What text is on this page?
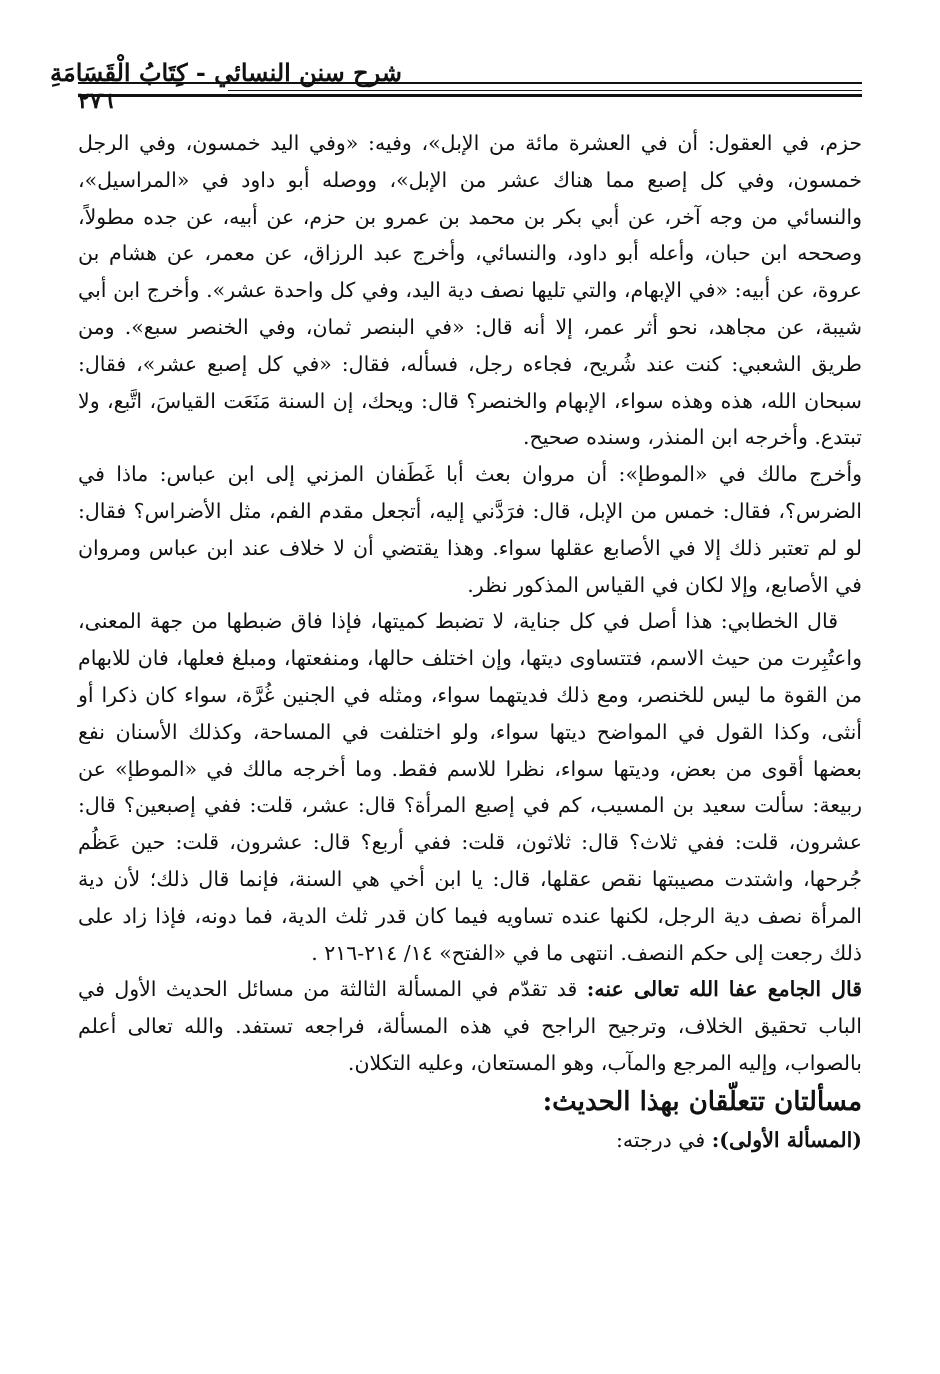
شرح سنن النسائي - كِتَابُ الْقَسَامَةِ
٢٧٦

حزم، في العقول: أن في العشرة مائة من الإبل»، وفيه: «وفي اليد خمسون، وفي الرجل خمسون، وفي كل إصبع مما هناك عشر من الإبل»، ووصله أبو داود في «المراسيل»، والنسائي من وجه آخر، عن أبي بكر بن محمد بن عمرو بن حزم، عن أبيه، عن جده مطولاً، وصححه ابن حبان، وأعله أبو داود، والنسائي، وأخرج عبد الرزاق، عن معمر، عن هشام بن عروة، عن أبيه: «في الإبهام، والتي تليها نصف دية اليد، وفي كل واحدة عشر». وأخرج ابن أبي شيبة، عن مجاهد، نحو أثر عمر، إلا أنه قال: «في البنصر ثمان، وفي الخنصر سبع». ومن طريق الشعبي: كنت عند شُريح، فجاءه رجل، فسأله، فقال: «في كل إصبع عشر»، فقال: سبحان الله، هذه وهذه سواء، الإبهام والخنصر؟ قال: ويحك، إن السنة مَنَعَت القياسَ، اتَّبع، ولا تبتدع. وأخرجه ابن المنذر، وسنده صحيح.

وأخرج مالك في «الموطإ»: أن مروان بعث أبا غَطَفان المزني إلى ابن عباس: ماذا في الضرس؟، فقال: خمس من الإبل، قال: فرَدَّني إليه، أتجعل مقدم الفم، مثل الأضراس؟ فقال: لو لم تعتبر ذلك إلا في الأصابع عقلها سواء. وهذا يقتضي أن لا خلاف عند ابن عباس ومروان في الأصابع، وإلا لكان في القياس المذكور نظر.

قال الخطابي: هذا أصل في كل جناية، لا تضبط كميتها، فإذا فاق ضبطها من جهة المعنى، واعتُبِرت من حيث الاسم، فتتساوى ديتها، وإن اختلف حالها، ومنفعتها، ومبلغ فعلها، فان للابهام من القوة ما ليس للخنصر، ومع ذلك فديتهما سواء، ومثله في الجنين غُرَّة، سواء كان ذكرا أو أنثى، وكذا القول في المواضح ديتها سواء، ولو اختلفت في المساحة، وكذلك الأسنان نفع بعضها أقوى من بعض، وديتها سواء، نظرا للاسم فقط. وما أخرجه مالك في «الموطإ» عن ربيعة: سألت سعيد بن المسيب، كم في إصبع المرأة؟ قال: عشر، قلت: ففي إصبعين؟ قال: عشرون، قلت: ففي ثلاث؟ قال: ثلاثون، قلت: ففي أربع؟ قال: عشرون، قلت: حين عَظُم جُرحها، واشتدت مصيبتها نقص عقلها، قال: يا ابن أخي هي السنة، فإنما قال ذلك؛ لأن دية المرأة نصف دية الرجل، لكنها عنده تساويه فيما كان قدر ثلث الدية، فما دونه، فإذا زاد على ذلك رجعت إلى حكم النصف. انتهى ما في «الفتح» ١٤/ ٢١٤-٢١٦ .

قال الجامع عفا الله تعالى عنه: قد تقدّم في المسألة الثالثة من مسائل الحديث الأول في الباب تحقيق الخلاف، وترجيح الراجح في هذه المسألة، فراجعه تستفد. والله تعالى أعلم بالصواب، وإليه المرجع والمآب، وهو المستعان، وعليه التكلان.

مسألتان تتعلّقان بهذا الحديث:

(المسألة الأولى): في درجته:
